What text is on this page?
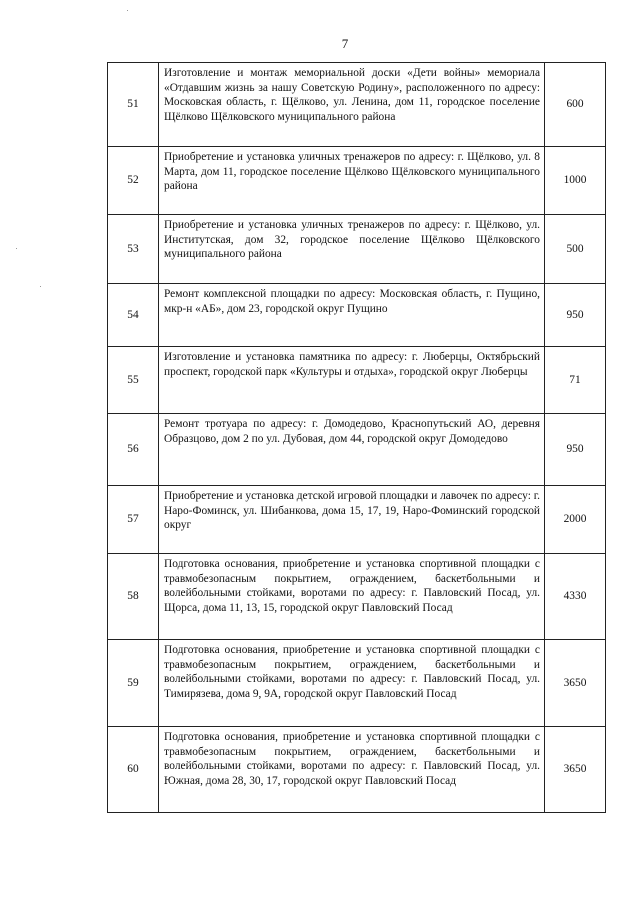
7
51	Изготовление и монтаж мемориальной доски «Дети войны» мемориала «Отдавшим жизнь за нашу Советскую Родину», расположенного по адресу: Московская область, г. Щёлково, ул. Ленина, дом 11, городское поселение Щёлково Щёлковского муниципального района	600
52	Приобретение и установка уличных тренажеров по адресу: г. Щёлково, ул. 8 Марта, дом 11, городское поселение Щёлково Щёлковского муниципального района	1000
53	Приобретение и установка уличных тренажеров по адресу: г. Щёлково, ул. Институтская, дом 32, городское поселение Щёлково Щёлковского муниципального района	500
54	Ремонт комплексной площадки по адресу: Московская область, г. Пущино, мкр-н «АБ», дом 23, городской округ Пущино	950
55	Изготовление и установка памятника по адресу: г. Люберцы, Октябрьский проспект, городской парк «Культуры и отдыха», городской округ Люберцы	71
56	Ремонт тротуара по адресу: г. Домодедово, Краснопутьский АО, деревня Образцово, дом 2 по ул. Дубовая, дом 44, городской округ Домодедово	950
57	Приобретение и установка детской игровой площадки и лавочек по адресу: г. Наро-Фоминск, ул. Шибанкова, дома 15, 17, 19, Наро-Фоминский городской округ	2000
58	Подготовка основания, приобретение и установка спортивной площадки с травмобезопасным покрытием, ограждением, баскетбольными и волейбольными стойками, воротами по адресу: г. Павловский Посад, ул. Щорса, дома 11, 13, 15, городской округ Павловский Посад	4330
59	Подготовка основания, приобретение и установка спортивной площадки с травмобезопасным покрытием, ограждением, баскетбольными и волейбольными стойками, воротами по адресу: г. Павловский Посад, ул. Тимирязева, дома 9, 9А, городской округ Павловский Посад	3650
60	Подготовка основания, приобретение и установка спортивной площадки с травмобезопасным покрытием, ограждением, баскетбольными и волейбольными стойками, воротами по адресу: г. Павловский Посад, ул. Южная, дома 28, 30, 17, городской округ Павловский Посад	3650
